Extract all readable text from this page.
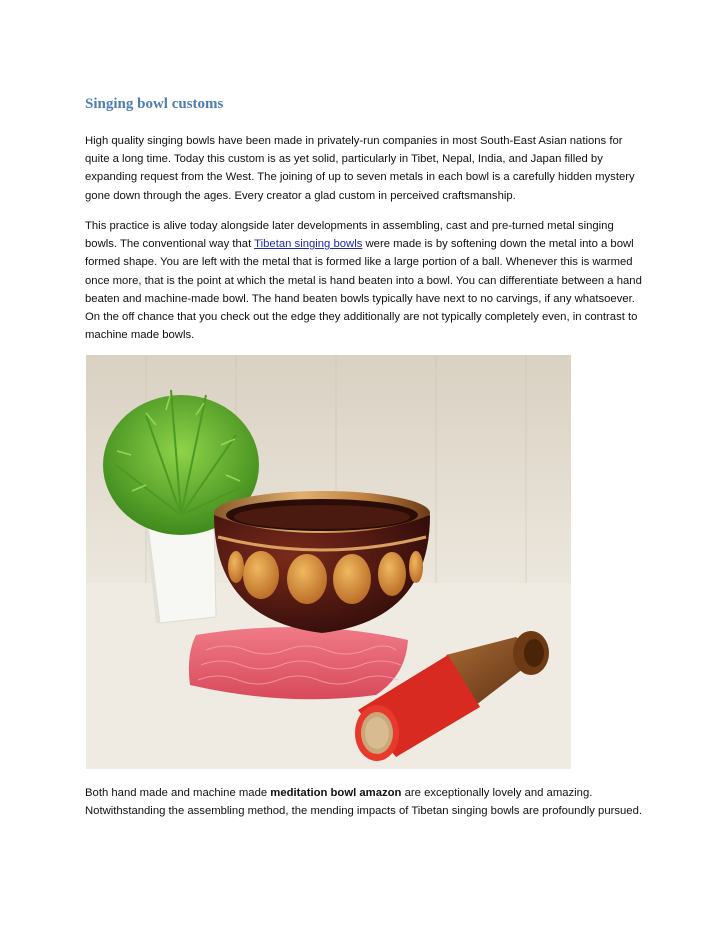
Singing bowl customs

High quality singing bowls have been made in privately-run companies in most South-East Asian nations for quite a long time. Today this custom is as yet solid, particularly in Tibet, Nepal, India, and Japan filled by expanding request from the West. The joining of up to seven metals in each bowl is a carefully hidden mystery gone down through the ages. Every creator a glad custom in perceived craftsmanship.

This practice is alive today alongside later developments in assembling, cast and pre-turned metal singing bowls. The conventional way that Tibetan singing bowls were made is by softening down the metal into a bowl formed shape. You are left with the metal that is formed like a large portion of a ball. Whenever this is warmed once more, that is the point at which the metal is hand beaten into a bowl. You can differentiate between a hand beaten and machine-made bowl. The hand beaten bowls typically have next to no carvings, if any whatsoever. On the off chance that you check out the edge they additionally are not typically completely even, in contrast to machine made bowls.

Both hand made and machine made meditation bowl amazon are exceptionally lovely and amazing. Notwithstanding the assembling method, the mending impacts of Tibetan singing bowls are profoundly pursued.
